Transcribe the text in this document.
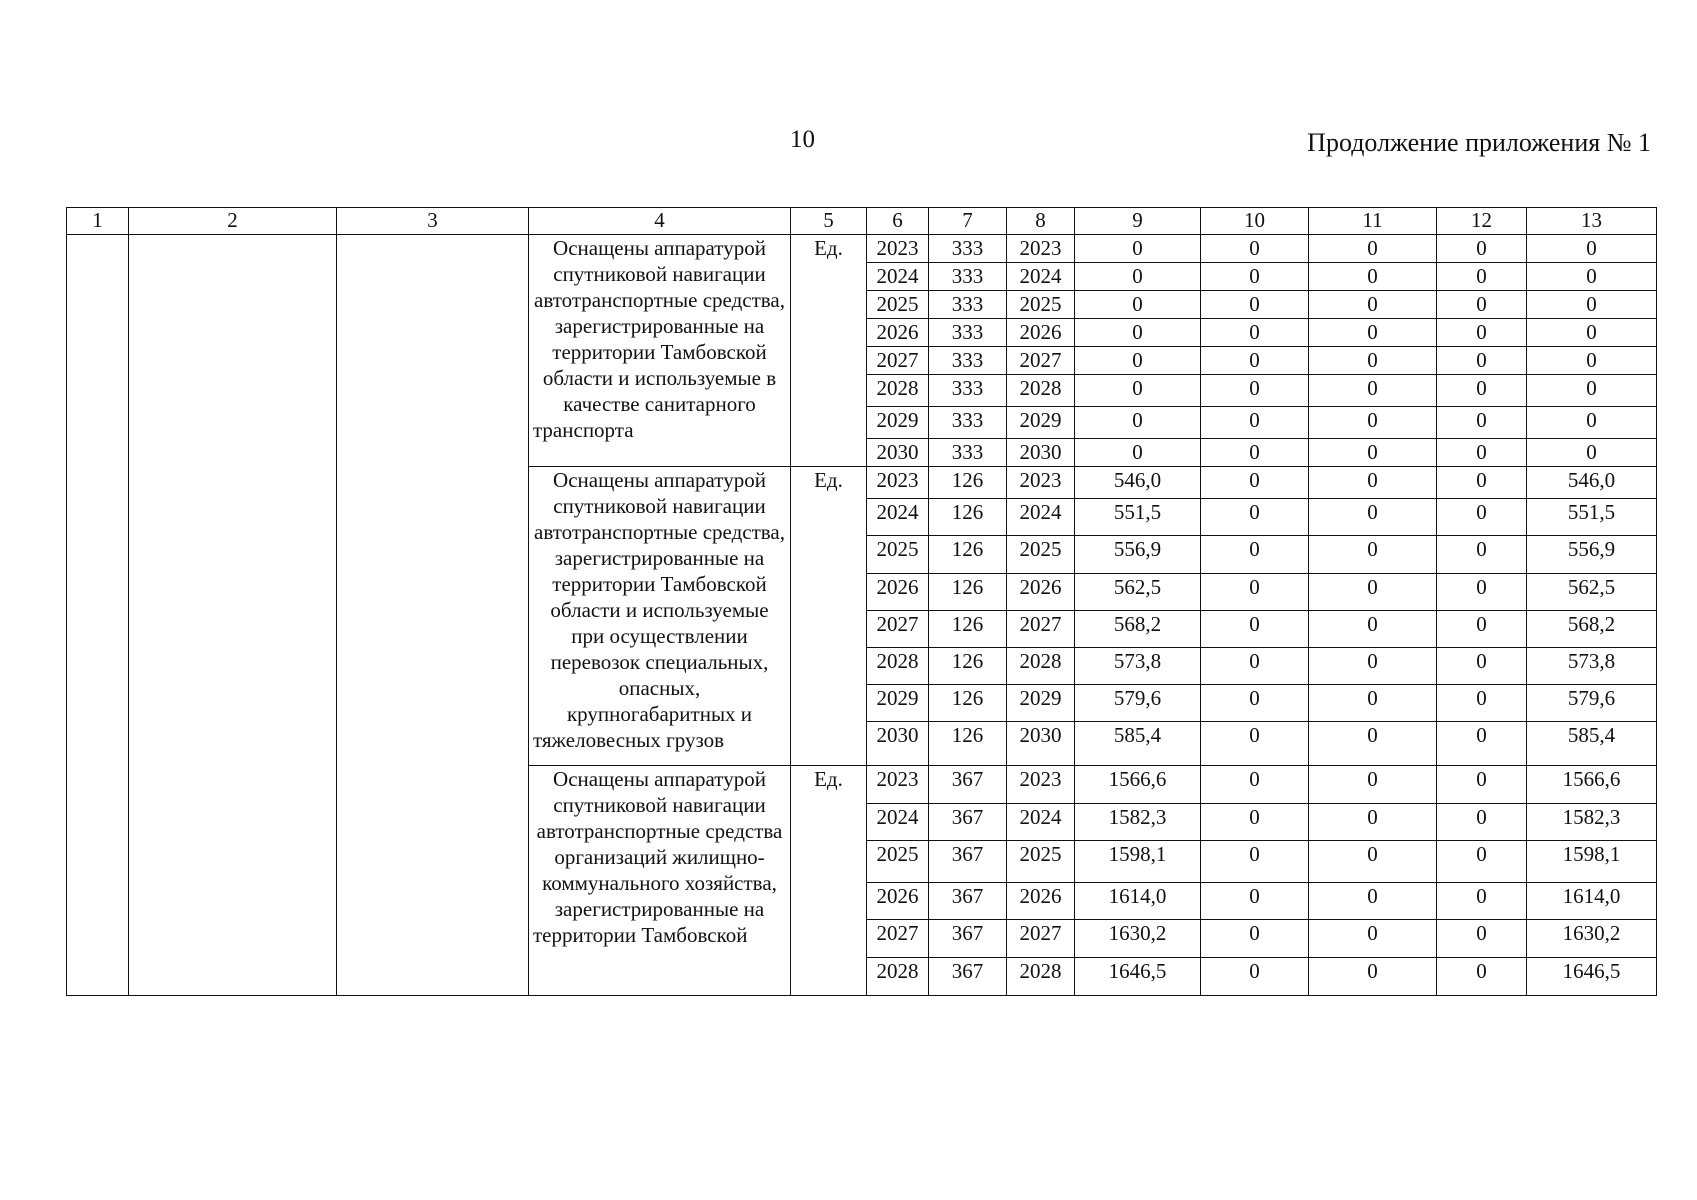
10	Продолжение приложения № 1
1	2	3	4	5	6	7	8	9	10	11	12	13
			Оснащены аппаратурой спутниковой навигации автотранспортные средства, зарегистрированные на территории Тамбовской области и используемые в качестве санитарного транспорта	Ед.	2023	333	2023	0	0	0	0	0
					2024	333	2024	0	0	0	0	0
					2025	333	2025	0	0	0	0	0
					2026	333	2026	0	0	0	0	0
					2027	333	2027	0	0	0	0	0
					2028	333	2028	0	0	0	0	0
					2029	333	2029	0	0	0	0	0
					2030	333	2030	0	0	0	0	0
			Оснащены аппаратурой спутниковой навигации автотранспортные средства, зарегистрированные на территории Тамбовской области и используемые при осуществлении перевозок специальных, опасных, крупногабаритных и тяжеловесных грузов	Ед.	2023	126	2023	546,0	0	0	0	546,0
					2024	126	2024	551,5	0	0	0	551,5
					2025	126	2025	556,9	0	0	0	556,9
					2026	126	2026	562,5	0	0	0	562,5
					2027	126	2027	568,2	0	0	0	568,2
					2028	126	2028	573,8	0	0	0	573,8
					2029	126	2029	579,6	0	0	0	579,6
					2030	126	2030	585,4	0	0	0	585,4
			Оснащены аппаратурой спутниковой навигации автотранспортные средства организаций жилищно-коммунального хозяйства, зарегистрированные на территории Тамбовской	Ед.	2023	367	2023	1566,6	0	0	0	1566,6
					2024	367	2024	1582,3	0	0	0	1582,3
					2025	367	2025	1598,1	0	0	0	1598,1
					2026	367	2026	1614,0	0	0	0	1614,0
					2027	367	2027	1630,2	0	0	0	1630,2
					2028	367	2028	1646,5	0	0	0	1646,5
